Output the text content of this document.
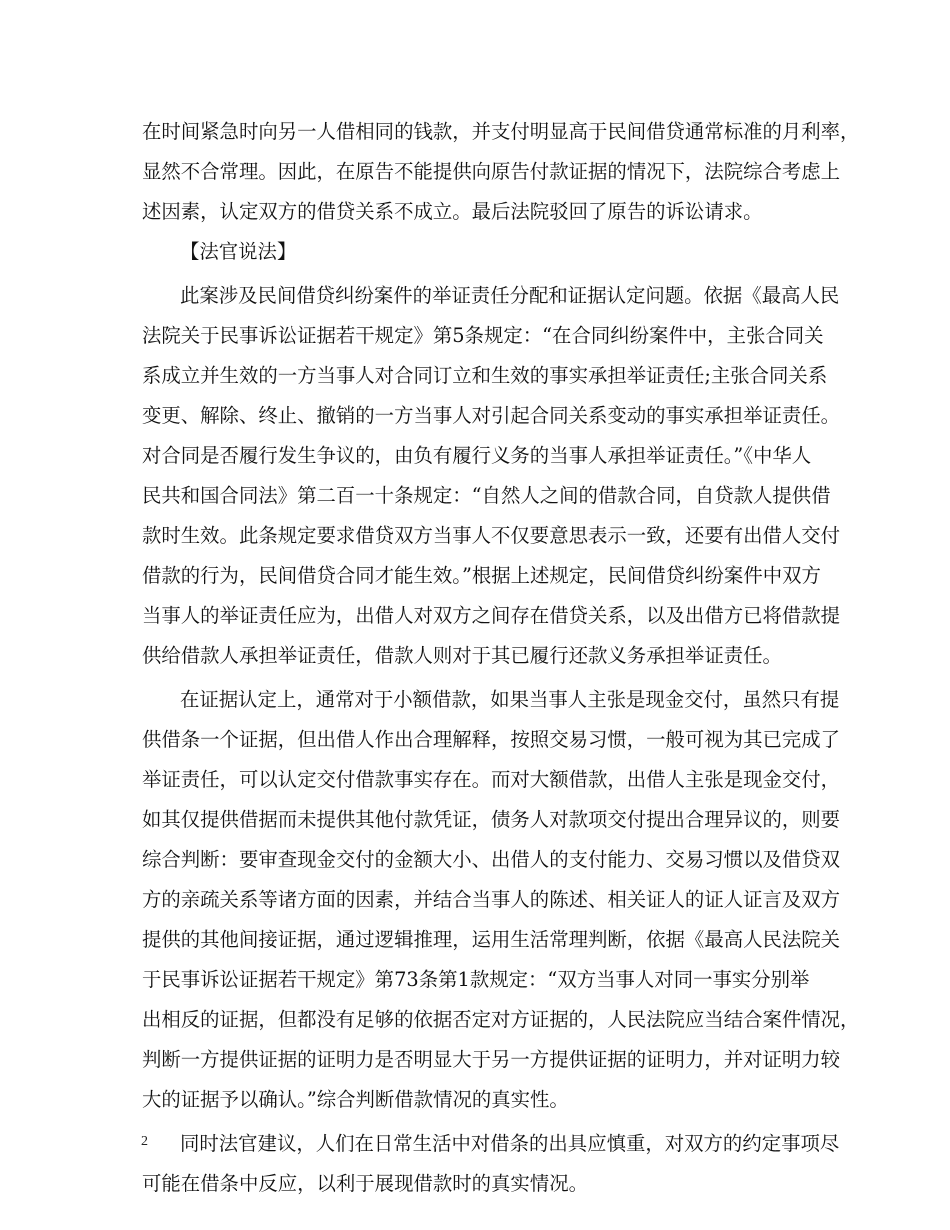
在时间紧急时向另一人借相同的钱款，并支付明显高于民间借贷通常标准的月利率，
显然不合常理。因此，在原告不能提供向原告付款证据的情况下，法院综合考虑上
述因素，认定双方的借贷关系不成立。最后法院驳回了原告的诉讼请求。
【法官说法】
此案涉及民间借贷纠纷案件的举证责任分配和证据认定问题。依据《最高人民
法院关于民事诉讼证据若干规定》第5条规定：“在合同纠纷案件中，主张合同关
系成立并生效的一方当事人对合同订立和生效的事实承担举证责任;主张合同关系
变更、解除、终止、撤销的一方当事人对引起合同关系变动的事实承担举证责任。
对合同是否履行发生争议的，由负有履行义务的当事人承担举证责任。”《中华人
民共和国合同法》第二百一十条规定：“自然人之间的借款合同，自贷款人提供借
款时生效。此条规定要求借贷双方当事人不仅要意思表示一致，还要有出借人交付
借款的行为，民间借贷合同才能生效。”根据上述规定，民间借贷纠纷案件中双方
当事人的举证责任应为，出借人对双方之间存在借贷关系，以及出借方已将借款提
供给借款人承担举证责任，借款人则对于其已履行还款义务承担举证责任。
在证据认定上，通常对于小额借款，如果当事人主张是现金交付，虽然只有提
供借条一个证据，但出借人作出合理解释，按照交易习惯，一般可视为其已完成了
举证责任，可以认定交付借款事实存在。而对大额借款，出借人主张是现金交付，
如其仅提供借据而未提供其他付款凭证，债务人对款项交付提出合理异议的，则要
综合判断：要审查现金交付的金额大小、出借人的支付能力、交易习惯以及借贷双
方的亲疏关系等诸方面的因素，并结合当事人的陈述、相关证人的证人证言及双方
提供的其他间接证据，通过逻辑推理，运用生活常理判断，依据《最高人民法院关
于民事诉讼证据若干规定》第73条第1款规定：“双方当事人对同一事实分别举
出相反的证据，但都没有足够的依据否定对方证据的，人民法院应当结合案件情况，
判断一方提供证据的证明力是否明显大于另一方提供证据的证明力，并对证明力较
大的证据予以确认。”综合判断借款情况的真实性。
同时法官建议，人们在日常生活中对借条的出具应慎重，对双方的约定事项尽
可能在借条中反应，以利于展现借款时的真实情况。
2
